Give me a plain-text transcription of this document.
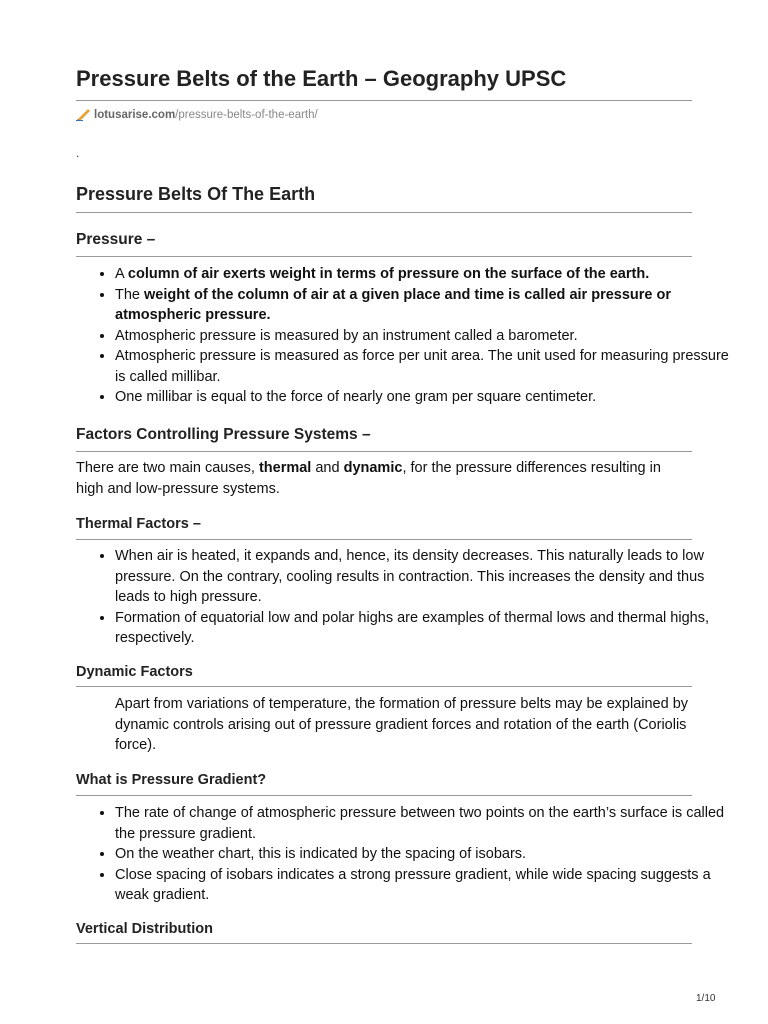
Pressure Belts of the Earth – Geography UPSC
lotusarise.com/pressure-belts-of-the-earth/
.
Pressure Belts Of The Earth
Pressure –
• A column of air exerts weight in terms of pressure on the surface of the earth.
• The weight of the column of air at a given place and time is called air pressure or atmospheric pressure.
• Atmospheric pressure is measured by an instrument called a barometer.
• Atmospheric pressure is measured as force per unit area. The unit used for measuring pressure is called millibar.
• One millibar is equal to the force of nearly one gram per square centimeter.
Factors Controlling Pressure Systems –

There are two main causes, thermal and dynamic, for the pressure differences resulting in high and low-pressure systems.

Thermal Factors –
• When air is heated, it expands and, hence, its density decreases. This naturally leads to low pressure. On the contrary, cooling results in contraction. This increases the density and thus leads to high pressure.
• Formation of equatorial low and polar highs are examples of thermal lows and thermal highs, respectively.
Dynamic Factors

Apart from variations of temperature, the formation of pressure belts may be explained by dynamic controls arising out of pressure gradient forces and rotation of the earth (Coriolis force).

What is Pressure Gradient?
• The rate of change of atmospheric pressure between two points on the earth’s surface is called the pressure gradient.
• On the weather chart, this is indicated by the spacing of isobars.
• Close spacing of isobars indicates a strong pressure gradient, while wide spacing suggests a weak gradient.
Vertical Distribution
1/10
